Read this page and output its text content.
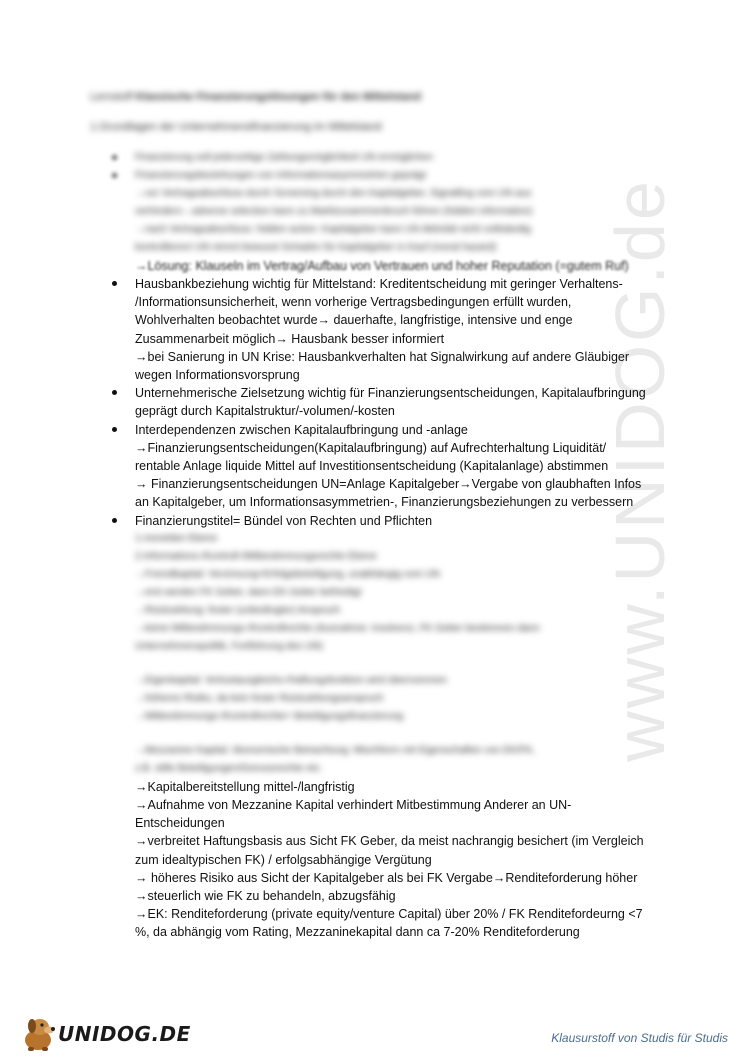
www.UNIDOG.de
Lernstoff Klassische Finanzierungslösungen für den Mittelstand
1.Grundlagen der Unternehmensfinanzierung im Mittelstand
Finanzierung soll jederzeitige Zahlungsmöglichkeit UN ermöglichen
Finanzierungsbeziehungen von Informationsasymmetrien geprägt
→vor Vertragsabschluss durch Screening durch den Kapitalgeber, Signalling vom UN aus
verhindern→adverse selection kann zu Marktzusammenbruch führen (hidden information)
→nach Vertragsabschluss: hidden action: Kapitalgeber kann UN Aktivität nicht vollständig
kontrollieren/ UN nimmt bewusst Schaden für Kapitalgeber in Kauf (moral hazard)
→Lösung: Klauseln im Vertrag/Aufbau von Vertrauen und hoher Reputation (=gutem Ruf)
Hausbankbeziehung wichtig für Mittelstand: Kreditentscheidung mit geringer Verhaltens-
/Informationsunsicherheit, wenn vorherige Vertragsbedingungen erfüllt wurden,
Wohlverhalten beobachtet wurde→ dauerhafte, langfristige, intensive und enge
Zusammenarbeit möglich→ Hausbank besser informiert
→bei Sanierung in UN Krise: Hausbankverhalten hat Signalwirkung auf andere Gläubiger
wegen Informationsvorsprung
Unternehmerische Zielsetzung wichtig für Finanzierungsentscheidungen, Kapitalaufbringung
geprägt durch Kapitalstruktur/-volumen/-kosten
Interdependenzen zwischen Kapitalaufbringung und -anlage
→Finanzierungsentscheidungen(Kapitalaufbringung) auf Aufrechterhaltung Liquidität/
rentable Anlage liquide Mittel auf Investitionsentscheidung (Kapitalanlage) abstimmen
→ Finanzierungsentscheidungen UN=Anlage Kapitalgeber→Vergabe von glaubhaften Infos
an Kapitalgeber, um Informationsasymmetrien-, Finanzierungsbeziehungen zu verbessern
Finanzierungstitel= Bündel von Rechten und Pflichten
1.monetäre Ebene
2.Informations-/Kontroll-/Mitbestimmungsrechte Ebene
→Fremdkapital: Verzinsung+Erfolgsbeteiligung, unabhängig vom UN
→erst werden FK Geber, dann EK Geber befriedigt
→Rückzahlung: fester (unbedingter) Anspruch
→keine Mitbestimmungs-/Kontrollrechte (Ausnahme: Insolvenz, FK Geber bestimmen dann
Unternehmenspolitik, Fortführung des UN)
→Eigenkapital: Verlustausgleichs-/Haftungsfunktion wird übernommen
→höheres Risiko, da kein fester Rückzahlungsanspruch
→Mitbestimmungs-/Kontrollrechte+ Beteiligungsfinanzierung
→Mezzanine Kapital: ökonomische Betrachtung: Mischform mit Eigenschaften von EK/FK,
z.B. stille Beteiligungen/Genussrechte etc.
→Kapitalbereitstellung mittel-/langfristig
→Aufnahme von Mezzanine Kapital verhindert Mitbestimmung Anderer an UN-
Entscheidungen
→verbreitet Haftungsbasis aus Sicht FK Geber, da meist nachrangig besichert (im Vergleich
zum idealtypischen FK) / erfolgsabhängige Vergütung
→ höheres Risiko aus Sicht der Kapitalgeber als bei FK Vergabe→Renditeforderung höher
→steuerlich wie FK zu behandeln, abzugsfähig
→EK: Renditeforderung (private equity/venture Capital) über 20% / FK Renditefordeurng <7
%, da abhängig vom Rating, Mezzaninekapital dann ca 7-20% Renditeforderung
UNIDOG.DE	Klausurstoff von Studis für Studis
